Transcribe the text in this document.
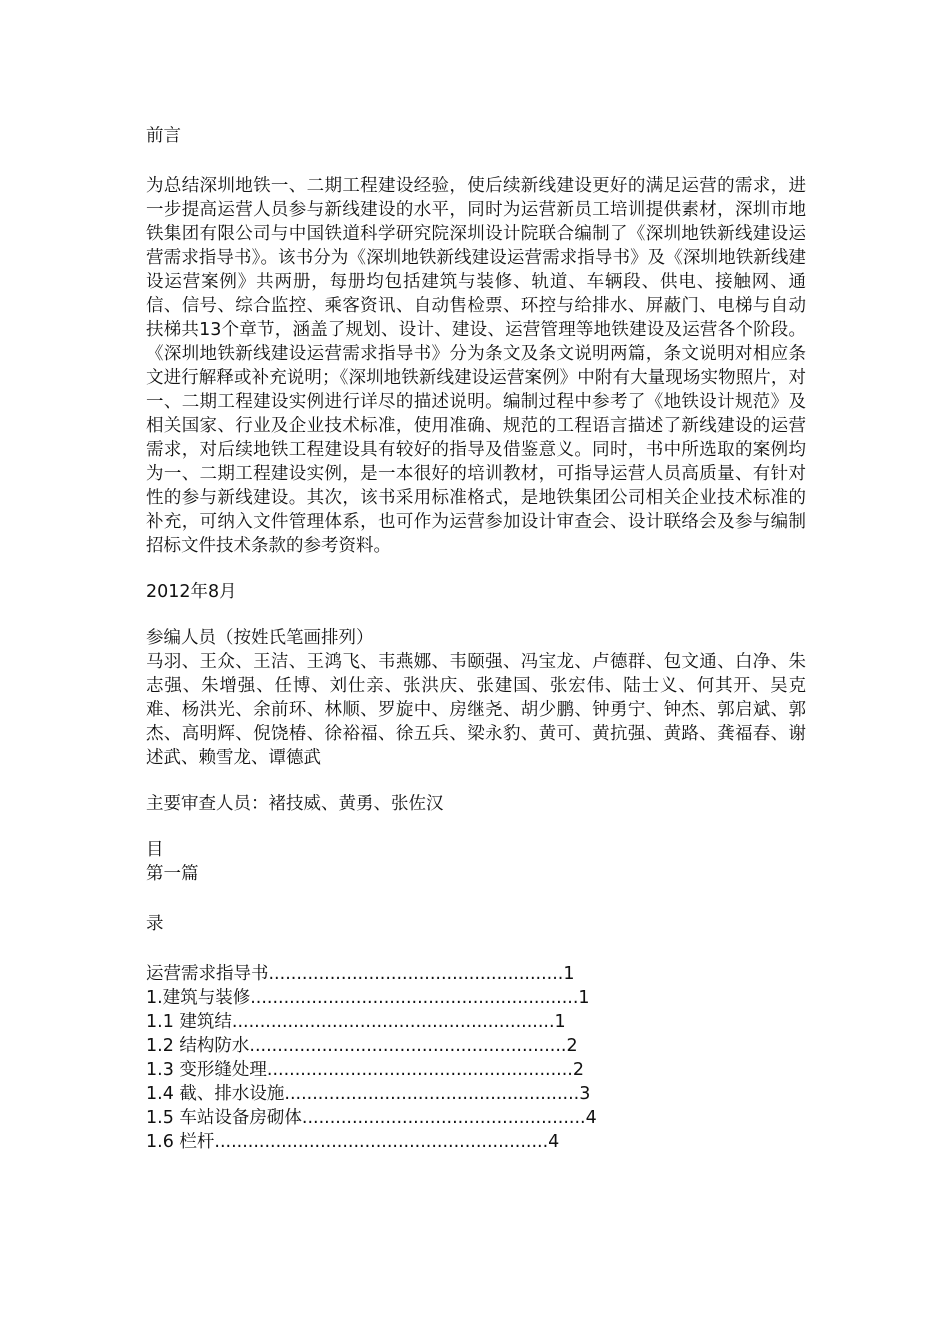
前言

为总结深圳地铁一、二期工程建设经验，使后续新线建设更好的满足运营的需求，进一步提高运营人员参与新线建设的水平，同时为运营新员工培训提供素材，深圳市地铁集团有限公司与中国铁道科学研究院深圳设计院联合编制了《深圳地铁新线建设运营需求指导书》。该书分为《深圳地铁新线建设运营需求指导书》及《深圳地铁新线建设运营案例》共两册，每册均包括建筑与装修、轨道、车辆段、供电、接触网、通信、信号、综合监控、乘客资讯、自动售检票、环控与给排水、屏蔽门、电梯与自动扶梯共13个章节，涵盖了规划、设计、建设、运营管理等地铁建设及运营各个阶段。《深圳地铁新线建设运营需求指导书》分为条文及条文说明两篇，条文说明对相应条文进行解释或补充说明；《深圳地铁新线建设运营案例》中附有大量现场实物照片，对一、二期工程建设实例进行详尽的描述说明。编制过程中参考了《地铁设计规范》及相关国家、行业及企业技术标准，使用准确、规范的工程语言描述了新线建设的运营需求，对后续地铁工程建设具有较好的指导及借鉴意义。同时，书中所选取的案例均为一、二期工程建设实例，是一本很好的培训教材，可指导运营人员高质量、有针对性的参与新线建设。其次，该书采用标准格式，是地铁集团公司相关企业技术标准的补充，可纳入文件管理体系，也可作为运营参加设计审查会、设计联络会及参与编制招标文件技术条款的参考资料。

2012年8月

参编人员（按姓氏笔画排列）

马羽、王众、王洁、王鸿飞、韦燕娜、韦颐强、冯宝龙、卢德群、包文通、白净、朱志强、朱增强、任博、刘仕亲、张洪庆、张建国、张宏伟、陆士义、何其开、吴克难、杨洪光、余前环、林顺、罗旋中、房继尧、胡少鹏、钟勇宁、钟杰、郭启斌、郭杰、高明辉、倪饶椿、徐裕福、徐五兵、梁永豹、黄可、黄抗强、黄路、龚福春、谢述武、赖雪龙、谭德武

主要审查人员：褚技威、黄勇、张佐汉

目

第一篇

录

运营需求指导书.....................................................1

1.建筑与装修...........................................................1

1.1 建筑结..........................................................1

1.2 结构防水.........................................................2

1.3 变形缝处理.......................................................2

1.4 截、排水设施.....................................................3

1.5 车站设备房砌体...................................................4

1.6 栏杆............................................................4
